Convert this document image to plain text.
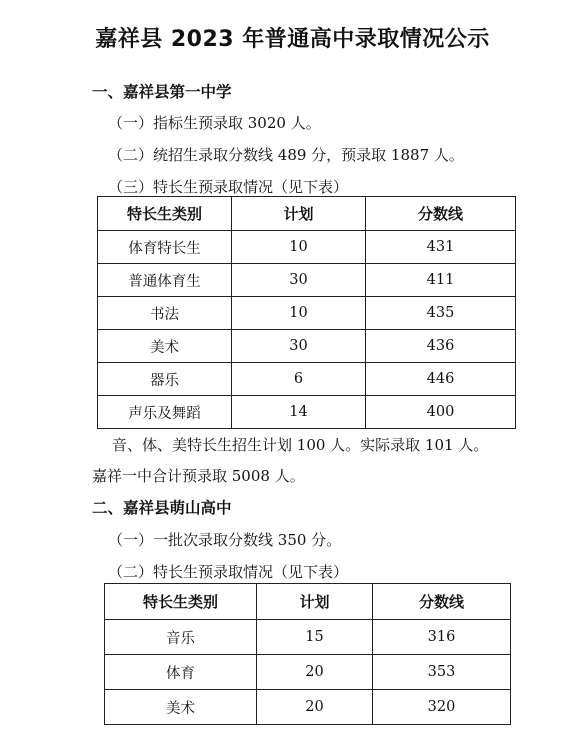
嘉祥县 2023 年普通高中录取情况公示
一、嘉祥县第一中学
（一）指标生预录取 3020 人。
（二）统招生录取分数线 489 分，预录取 1887 人。
（三）特长生预录取情况（见下表）
特长生类别	计划	分数线
体育特长生	10	431
普通体育生	30	411
书法	10	435
美术	30	436
器乐	6	446
声乐及舞蹈	14	400
音、体、美特长生招生计划 100 人。实际录取 101 人。
嘉祥一中合计预录取 5008 人。
二、嘉祥县萌山高中
（一）一批次录取分数线 350 分。
（二）特长生预录取情况（见下表）
特长生类别	计划	分数线
音乐	15	316
体育	20	353
美术	20	320
